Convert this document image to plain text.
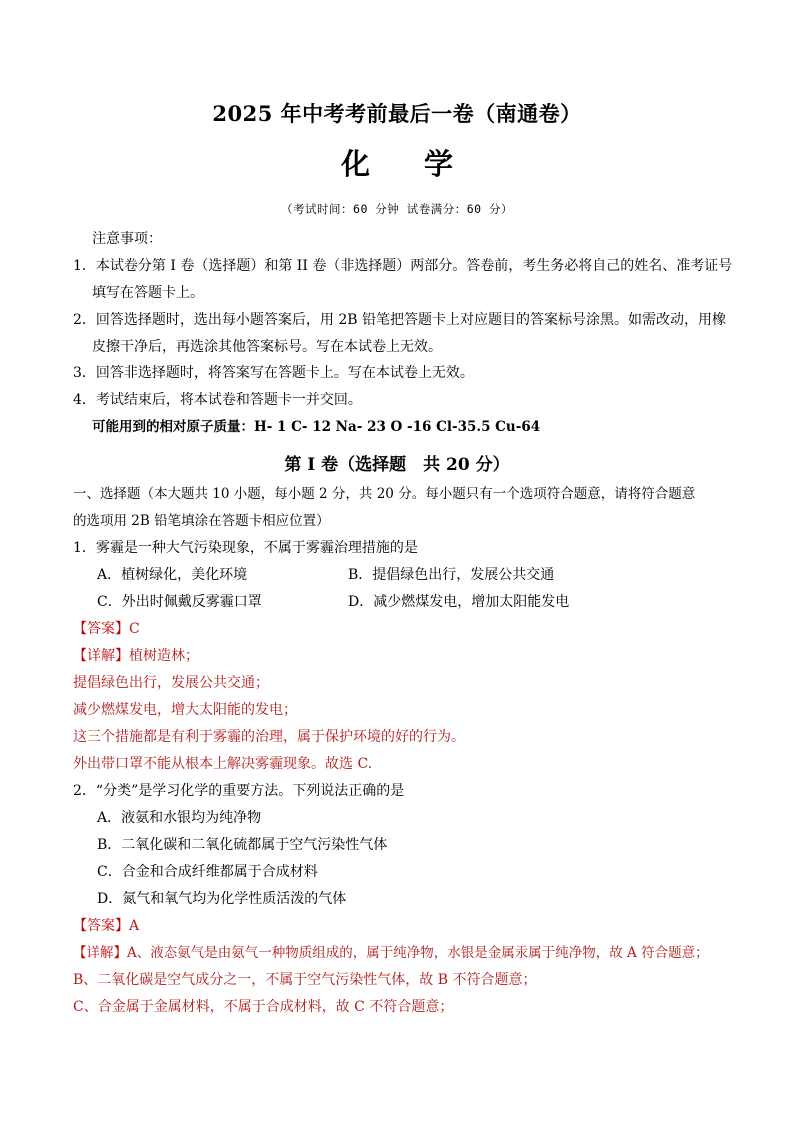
2025 年中考考前最后一卷（南通卷）
化 学
（考试时间：60 分钟 试卷满分：60 分）
注意事项：
1．本试卷分第 I 卷（选择题）和第 II 卷（非选择题）两部分。答卷前，考生务必将自己的姓名、准考证号
填写在答题卡上。
2．回答选择题时，选出每小题答案后，用 2B 铅笔把答题卡上对应题目的答案标号涂黑。如需改动，用橡
皮擦干净后，再选涂其他答案标号。写在本试卷上无效。
3．回答非选择题时，将答案写在答题卡上。写在本试卷上无效。
4．考试结束后，将本试卷和答题卡一并交回。
可能用到的相对原子质量：H- 1 C- 12 Na- 23 O -16 Cl-35.5 Cu-64
第 I 卷（选择题　共 20 分）
一、选择题（本大题共 10 小题，每小题 2 分，共 20 分。每小题只有一个选项符合题意，请将符合题意
的选项用 2B 铅笔填涂在答题卡相应位置）
1．雾霾是一种大气污染现象，不属于雾霾治理措施的是
A．植树绿化，美化环境	B．提倡绿色出行，发展公共交通
C．外出时佩戴反雾霾口罩	D．减少燃煤发电，增加太阳能发电
【答案】C
【详解】植树造林；
提倡绿色出行，发展公共交通；
减少燃煤发电，增大太阳能的发电；
这三个措施都是有利于雾霾的治理，属于保护环境的好的行为。
外出带口罩不能从根本上解决雾霾现象。故选 C.
2．“分类”是学习化学的重要方法。下列说法正确的是
A．液氨和水银均为纯净物
B．二氧化碳和二氧化硫都属于空气污染性气体
C．合金和合成纤维都属于合成材料
D．氮气和氧气均为化学性质活泼的气体
【答案】A
【详解】A、液态氨气是由氨气一种物质组成的，属于纯净物，水银是金属汞属于纯净物，故 A 符合题意；
B、二氧化碳是空气成分之一，不属于空气污染性气体，故 B 不符合题意；
C、合金属于金属材料，不属于合成材料，故 C 不符合题意；
